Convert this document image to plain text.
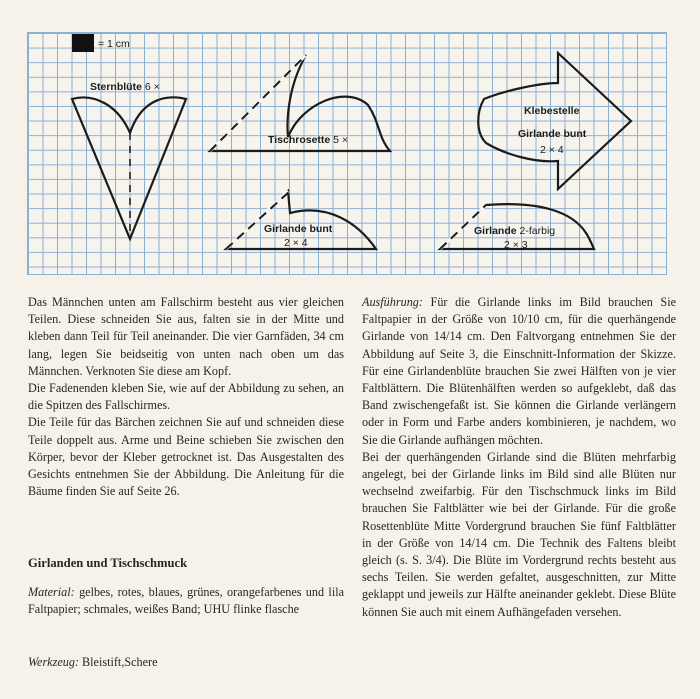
= 1 cm
Sternblüte 6 ×
Tischrosette 5 ×
Klebestelle
Girlande bunt
2 × 4
Girlande bunt
2 × 4
Girlande 2-farbig
2 × 3

Das Männchen unten am Fallschirm besteht aus vier gleichen Teilen. Diese schneiden Sie aus, falten sie in der Mitte und kleben dann Teil für Teil aneinander. Die vier Garnfäden, 34 cm lang, legen Sie beidseitig von unten nach oben um das Männchen. Verknoten Sie diese am Kopf.

Die Fadenenden kleben Sie, wie auf der Abbildung zu sehen, an die Spitzen des Fallschirmes.

Die Teile für das Bärchen zeichnen Sie auf und schneiden diese Teile doppelt aus. Arme und Beine schieben Sie zwischen den Körper, bevor der Kleber getrocknet ist. Das Ausgestalten des Gesichts entnehmen Sie der Abbildung. Die Anleitung für die Bäume finden Sie auf Seite 26.

Girlanden und Tischschmuck

Material: gelbes, rotes, blaues, grünes, orangefarbenes und lila Faltpapier; schmales, weißes Band; UHU flinke flasche

Werkzeug: Bleistift,Schere

Ausführung: Für die Girlande links im Bild brauchen Sie Faltpapier in der Größe von 10/10 cm, für die querhängende Girlande von 14/14 cm. Den Faltvorgang entnehmen Sie der Abbildung auf Seite 3, die Einschnitt-Information der Skizze. Für eine Girlandenblüte brauchen Sie zwei Hälften von je vier Faltblättern. Die Blütenhälften werden so aufgeklebt, daß das Band zwischengefaßt ist. Sie können die Girlande verlängern oder in Form und Farbe anders kombinieren, je nachdem, wo Sie die Girlande aufhängen möchten.

Bei der querhängenden Girlande sind die Blüten mehrfarbig angelegt, bei der Girlande links im Bild sind alle Blüten nur wechselnd zweifarbig. Für den Tischschmuck links im Bild brauchen Sie Faltblätter wie bei der Girlande. Für die große Rosettenblüte Mitte Vordergrund brauchen Sie fünf Faltblätter in der Größe von 14/14 cm. Die Technik des Faltens bleibt gleich (s. S. 3/4). Die Blüte im Vordergrund rechts besteht aus sechs Teilen. Sie werden gefaltet, ausgeschnitten, zur Mitte geklappt und jeweils zur Hälfte aneinander geklebt. Diese Blüte können Sie auch mit einem Aufhängefaden versehen.
